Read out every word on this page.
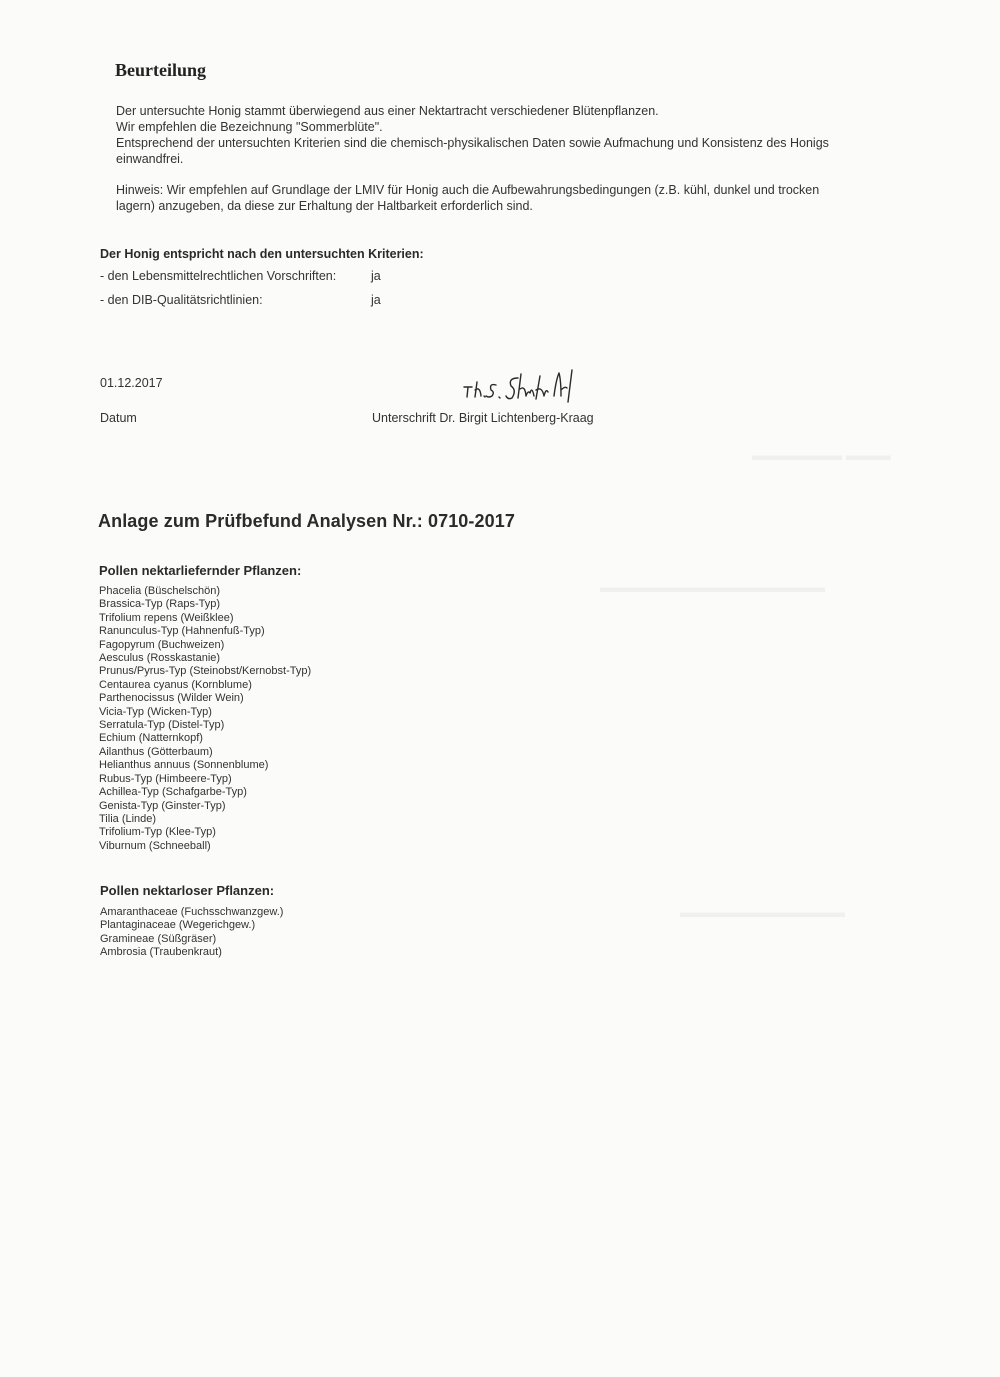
Beurteilung
Der untersuchte Honig stammt überwiegend aus einer Nektartracht verschiedener Blütenpflanzen.
Wir empfehlen die Bezeichnung "Sommerblüte".
Entsprechend der untersuchten Kriterien sind die chemisch-physikalischen Daten sowie Aufmachung und Konsistenz des Honigs
einwandfrei.
Hinweis: Wir empfehlen auf Grundlage der LMIV für Honig auch die Aufbewahrungsbedingungen (z.B. kühl, dunkel und trocken
lagern) anzugeben, da diese zur Erhaltung der Haltbarkeit erforderlich sind.
Der Honig entspricht nach den untersuchten Kriterien:
- den Lebensmittelrechtlichen Vorschriften:	ja
- den DIB-Qualitätsrichtlinien:	ja
01.12.2017
Datum	Unterschrift Dr. Birgit Lichtenberg-Kraag
Anlage zum Prüfbefund Analysen Nr.: 0710-2017
Pollen nektarliefernder Pflanzen:
Phacelia (Büschelschön)
Brassica-Typ (Raps-Typ)
Trifolium repens (Weißklee)
Ranunculus-Typ (Hahnenfuß-Typ)
Fagopyrum (Buchweizen)
Aesculus (Rosskastanie)
Prunus/Pyrus-Typ (Steinobst/Kernobst-Typ)
Centaurea cyanus (Kornblume)
Parthenocissus (Wilder Wein)
Vicia-Typ (Wicken-Typ)
Serratula-Typ (Distel-Typ)
Echium (Natternkopf)
Ailanthus (Götterbaum)
Helianthus annuus (Sonnenblume)
Rubus-Typ (Himbeere-Typ)
Achillea-Typ (Schafgarbe-Typ)
Genista-Typ (Ginster-Typ)
Tilia (Linde)
Trifolium-Typ (Klee-Typ)
Viburnum (Schneeball)
Pollen nektarloser Pflanzen:
Amaranthaceae (Fuchsschwanzgew.)
Plantaginaceae (Wegerichgew.)
Gramineae (Süßgräser)
Ambrosia (Traubenkraut)
